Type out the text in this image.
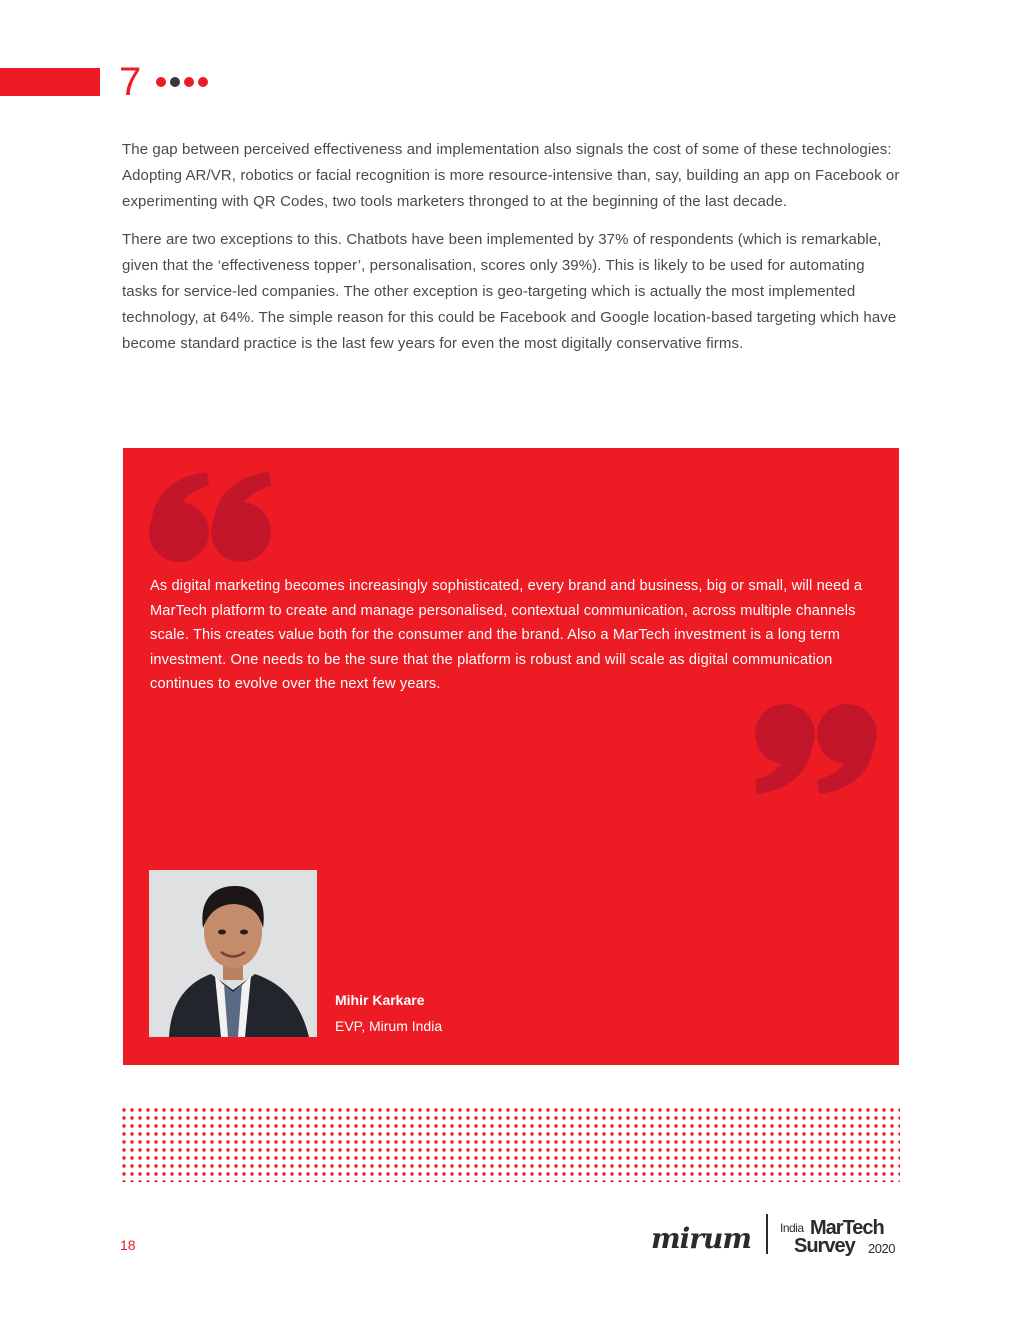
7

The gap between perceived effectiveness and implementation also signals the cost of some of these technologies: Adopting AR/VR, robotics or facial recognition is more resource-intensive than, say, building an app on Facebook or experimenting with QR Codes, two tools marketers thronged to at the beginning of the last decade.

There are two exceptions to this. Chatbots have been implemented by 37% of respondents (which is remarkable, given that the ‘effectiveness topper’, personalisation, scores only 39%). This is likely to be used for automating tasks for service-led companies. The other exception is geo-targeting which is actually the most implemented technology, at 64%. The simple reason for this could be Facebook and Google location-based targeting which have become standard practice is the last few years for even the most digitally conservative firms.

As digital marketing becomes increasingly sophisticated, every brand and business, big or small, will need a MarTech platform to create and manage personalised, contextual communication, across multiple channels scale. This creates value both for the consumer and the brand. Also a MarTech investment is a long term investment. One needs to be the sure that the platform is robust and will scale as digital communication continues to evolve over the next few years.

Mihir Karkare
EVP, Mirum India
18	mirum India MarTech
Survey 2020
